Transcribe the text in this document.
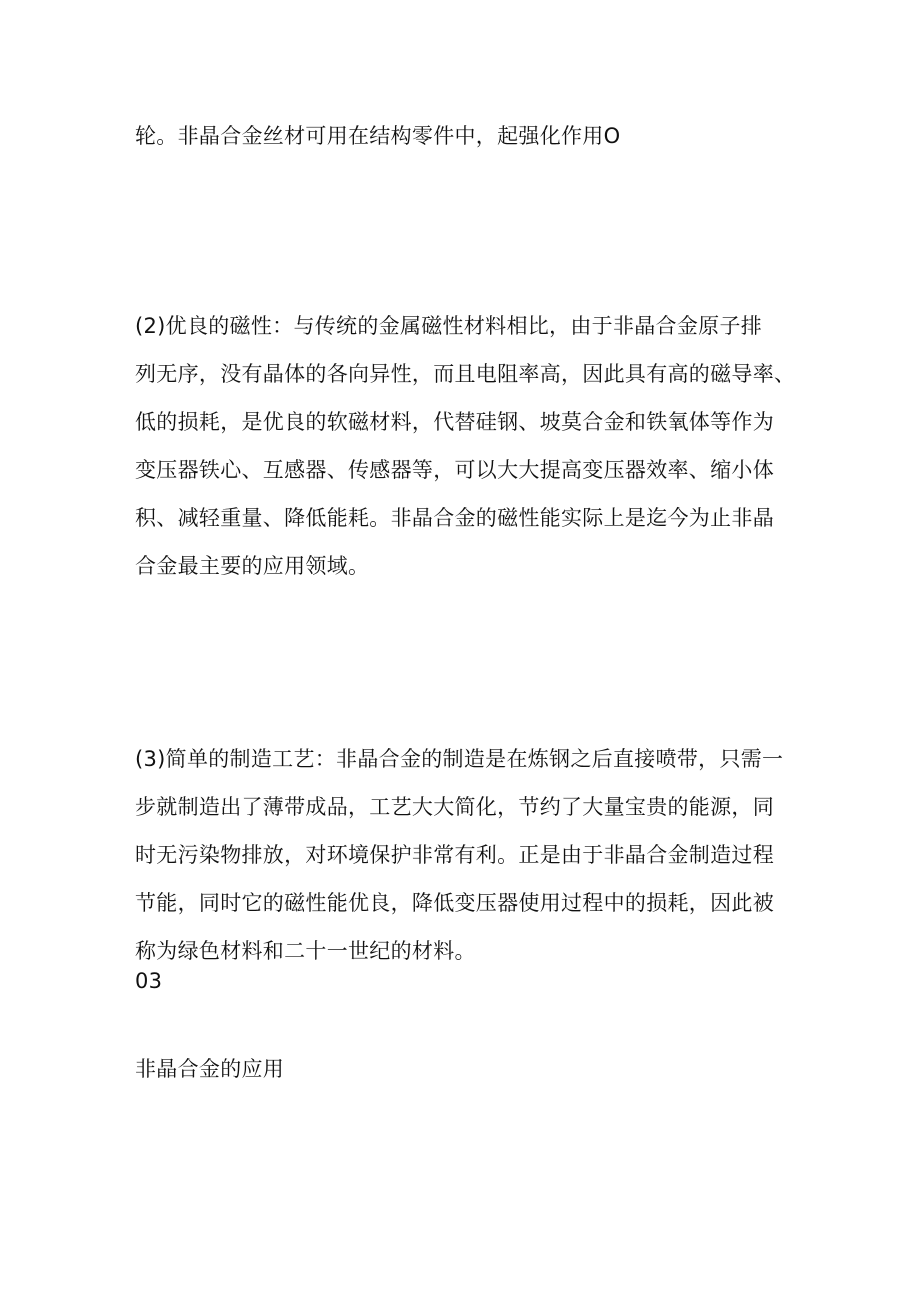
轮。非晶合金丝材可用在结构零件中，起强化作用O
(2)优良的磁性：与传统的金属磁性材料相比，由于非晶合金原子排
列无序，没有晶体的各向异性，而且电阻率高，因此具有高的磁导率、
低的损耗，是优良的软磁材料，代替硅钢、坡莫合金和铁氧体等作为
变压器铁心、互感器、传感器等，可以大大提高变压器效率、缩小体
积、减轻重量、降低能耗。非晶合金的磁性能实际上是迄今为止非晶
合金最主要的应用领域。
(3)简单的制造工艺：非晶合金的制造是在炼钢之后直接喷带，只需一
步就制造出了薄带成品，工艺大大简化，节约了大量宝贵的能源，同
时无污染物排放，对环境保护非常有利。正是由于非晶合金制造过程
节能，同时它的磁性能优良，降低变压器使用过程中的损耗，因此被
称为绿色材料和二十一世纪的材料。
03
非晶合金的应用
